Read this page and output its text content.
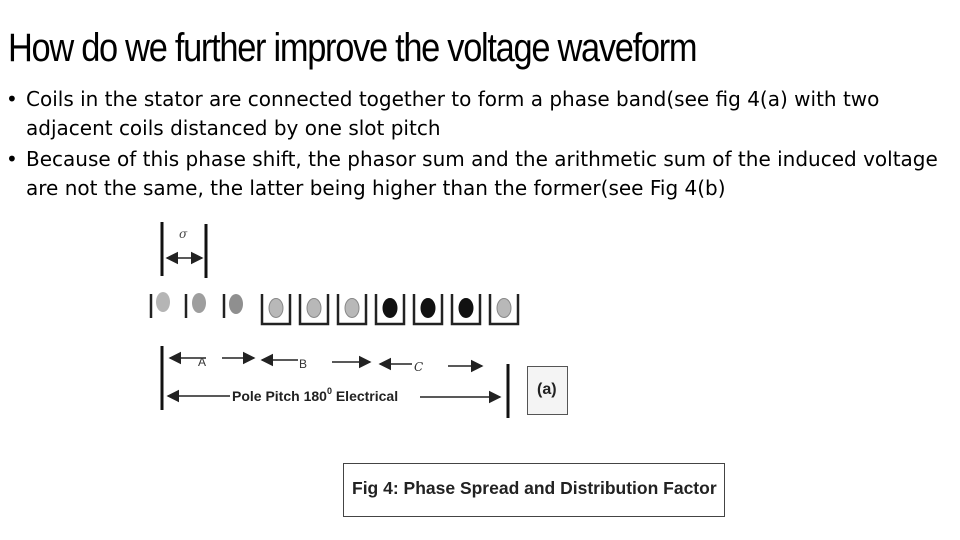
How do we further improve the voltage waveform
• Coils in the stator are connected together to form a phase band(see fig 4(a) with two adjacent coils distanced by one slot pitch
• Because of this phase shift, the phasor sum and the arithmetic sum of the induced voltage are not the same, the latter being higher than the former(see Fig 4(b)
σ
A	B	C
Pole Pitch $180^0$ Electrical	(a)
Fig 4: Phase Spread and Distribution Factor
